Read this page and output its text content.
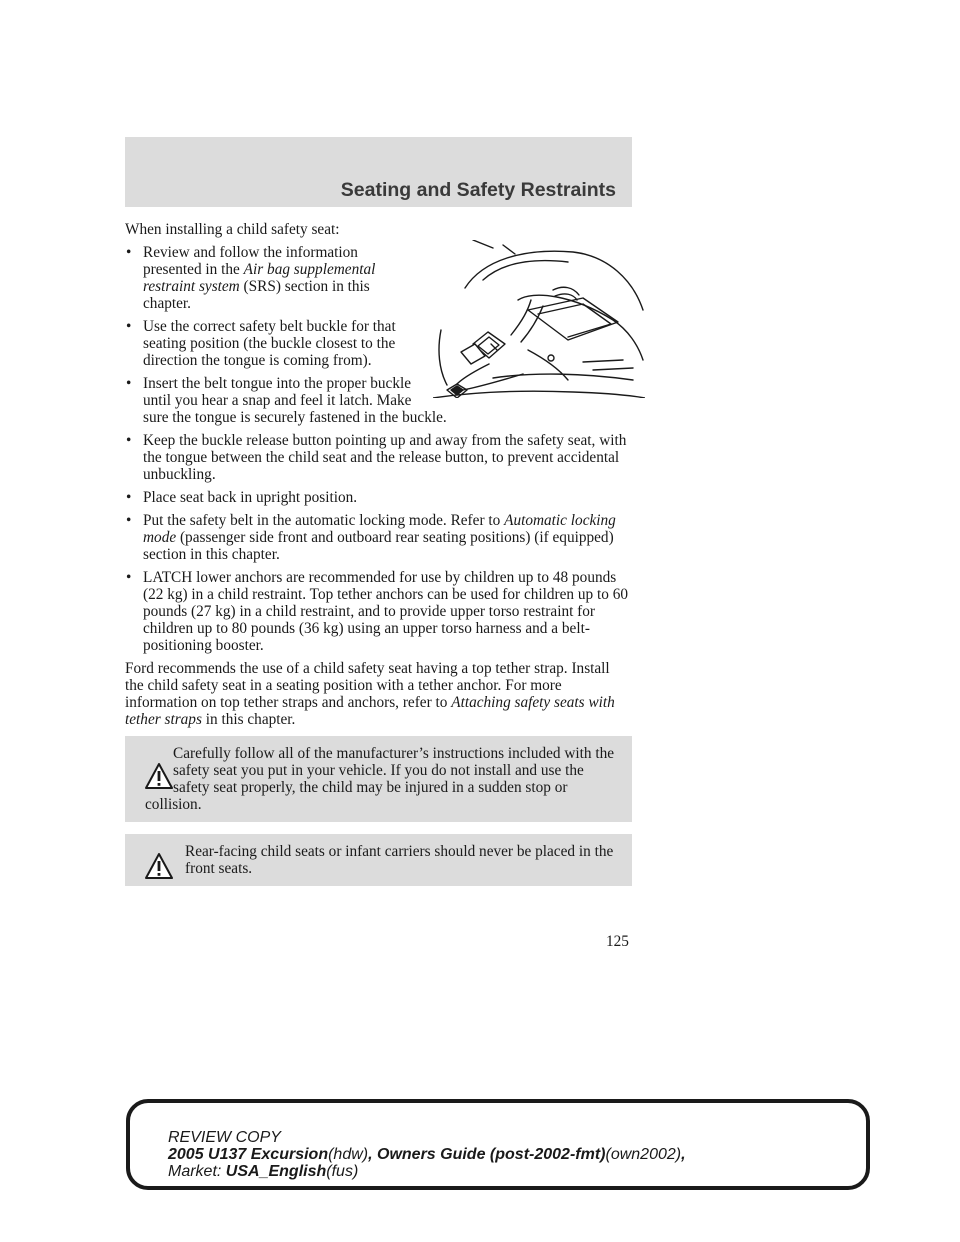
Seating and Safety Restraints

When installing a child safety seat:

• Review and follow the information presented in the Air bag supplemental restraint system (SRS) section in this chapter.
• Use the correct safety belt buckle for that seating position (the buckle closest to the direction the tongue is coming from).
• Insert the belt tongue into the proper buckle until you hear a snap and feel it latch. Make sure the tongue is securely fastened in the buckle.
• Keep the buckle release button pointing up and away from the safety seat, with the tongue between the child seat and the release button, to prevent accidental unbuckling.
• Place seat back in upright position.
• Put the safety belt in the automatic locking mode. Refer to Automatic locking mode (passenger side front and outboard rear seating positions) (if equipped) section in this chapter.
• LATCH lower anchors are recommended for use by children up to 48 pounds (22 kg) in a child restraint. Top tether anchors can be used for children up to 60 pounds (27 kg) in a child restraint, and to provide upper torso restraint for children up to 80 pounds (36 kg) using an upper torso harness and a belt-positioning booster.

Ford recommends the use of a child safety seat having a top tether strap. Install the child safety seat in a seating position with a tether anchor. For more information on top tether straps and anchors, refer to Attaching safety seats with tether straps in this chapter.

Carefully follow all of the manufacturer’s instructions included with the safety seat you put in your vehicle. If you do not install and use the safety seat properly, the child may be injured in a sudden stop or collision.
Rear-facing child seats or infant carriers should never be placed in the front seats.
125
REVIEW COPY
2005 U137 Excursion(hdw), Owners Guide (post-2002-fmt)(own2002),
Market: USA_English(fus)
